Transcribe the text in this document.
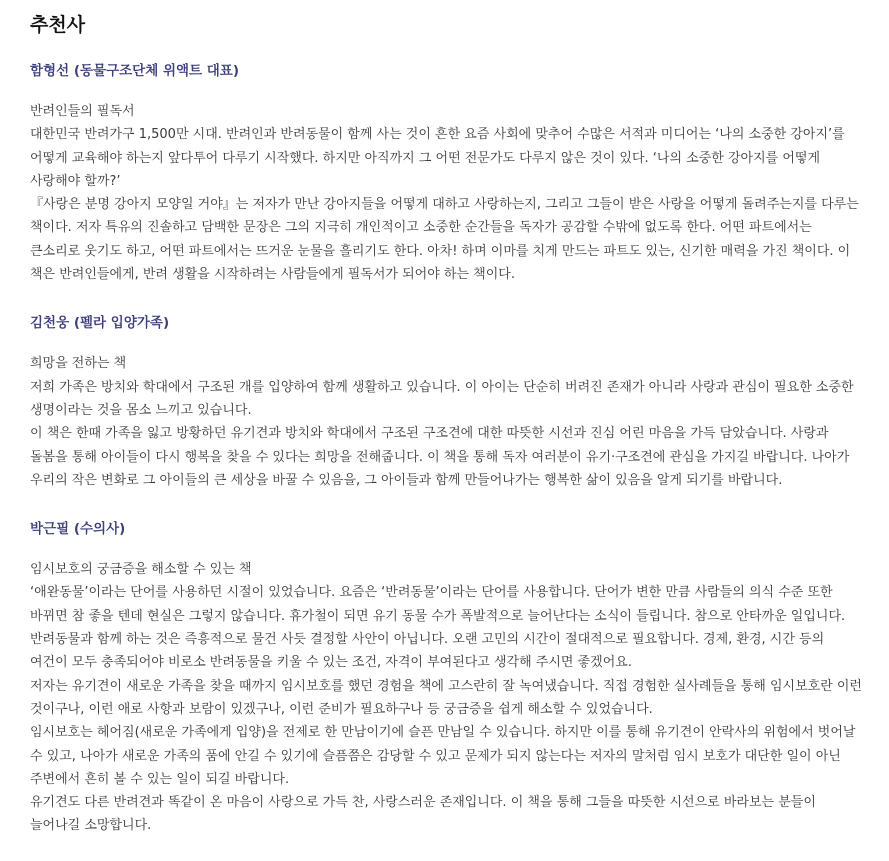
추천사
함형선 (동물구조단체 위액트 대표)

반려인들의 필독서

대한민국 반려가구 1,500만 시대. 반려인과 반려동물이 함께 사는 것이 흔한 요즘 사회에 맞추어 수많은 서적과 미디어는 ‘나의 소중한 강아지’를 어떻게 교육해야 하는지 앞다투어 다루기 시작했다. 하지만 아직까지 그 어떤 전문가도 다루지 않은 것이 있다. ‘나의 소중한 강아지를 어떻게 사랑해야 할까?’

『사랑은 분명 강아지 모양일 거야』는 저자가 만난 강아지들을 어떻게 대하고 사랑하는지, 그리고 그들이 받은 사랑을 어떻게 돌려주는지를 다루는 책이다. 저자 특유의 진솔하고 담백한 문장은 그의 지극히 개인적이고 소중한 순간들을 독자가 공감할 수밖에 없도록 한다. 어떤 파트에서는 큰소리로 웃기도 하고, 어떤 파트에서는 뜨거운 눈물을 흘리기도 한다. 아차! 하며 이마를 치게 만드는 파트도 있는, 신기한 매력을 가진 책이다. 이 책은 반려인들에게, 반려 생활을 시작하려는 사람들에게 필독서가 되어야 하는 책이다.

김천웅 (펠라 입양가족)

희망을 전하는 책

저희 가족은 방치와 학대에서 구조된 개를 입양하여 함께 생활하고 있습니다. 이 아이는 단순히 버려진 존재가 아니라 사랑과 관심이 필요한 소중한 생명이라는 것을 몸소 느끼고 있습니다.

이 책은 한때 가족을 잃고 방황하던 유기견과 방치와 학대에서 구조된 구조견에 대한 따뜻한 시선과 진심 어린 마음을 가득 담았습니다. 사랑과 돌봄을 통해 아이들이 다시 행복을 찾을 수 있다는 희망을 전해줍니다. 이 책을 통해 독자 여러분이 유기·구조견에 관심을 가지길 바랍니다. 나아가 우리의 작은 변화로 그 아이들의 큰 세상을 바꿀 수 있음을, 그 아이들과 함께 만들어나가는 행복한 삶이 있음을 알게 되기를 바랍니다.

박근필 (수의사)

임시보호의 궁금증을 해소할 수 있는 책

‘애완동물’이라는 단어를 사용하던 시절이 있었습니다. 요즘은 ‘반려동물’이라는 단어를 사용합니다. 단어가 변한 만큼 사람들의 의식 수준 또한 바뀌면 참 좋을 텐데 현실은 그렇지 않습니다. 휴가철이 되면 유기 동물 수가 폭발적으로 늘어난다는 소식이 들립니다. 참으로 안타까운 일입니다.

반려동물과 함께 하는 것은 즉흥적으로 물건 사듯 결정할 사안이 아닙니다. 오랜 고민의 시간이 절대적으로 필요합니다. 경제, 환경, 시간 등의 여건이 모두 충족되어야 비로소 반려동물을 키울 수 있는 조건, 자격이 부여된다고 생각해 주시면 좋겠어요.

저자는 유기견이 새로운 가족을 찾을 때까지 임시보호를 했던 경험을 책에 고스란히 잘 녹여냈습니다. 직접 경험한 실사례들을 통해 임시보호란 이런 것이구나, 이런 애로 사항과 보람이 있겠구나, 이런 준비가 필요하구나 등 궁금증을 쉽게 해소할 수 있었습니다.

임시보호는 헤어짐(새로운 가족에게 입양)을 전제로 한 만남이기에 슬픈 만남일 수 있습니다. 하지만 이를 통해 유기견이 안락사의 위험에서 벗어날 수 있고, 나아가 새로운 가족의 품에 안길 수 있기에 슬픔쯤은 감당할 수 있고 문제가 되지 않는다는 저자의 말처럼 임시 보호가 대단한 일이 아닌 주변에서 흔히 볼 수 있는 일이 되길 바랍니다.

유기견도 다른 반려견과 똑같이 온 마음이 사랑으로 가득 찬, 사랑스러운 존재입니다. 이 책을 통해 그들을 따뜻한 시선으로 바라보는 분들이 늘어나길 소망합니다.
